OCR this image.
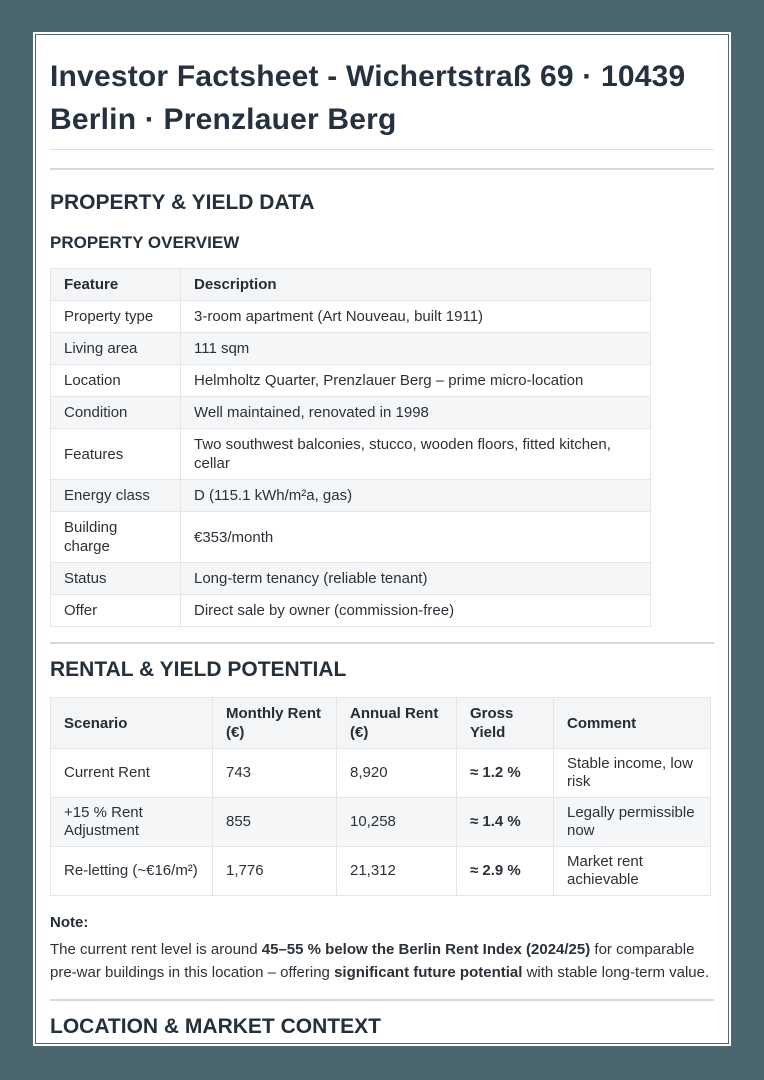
Investor Factsheet - Wichertstraß 69 · 10439 Berlin · Prenzlauer Berg
PROPERTY & YIELD DATA
PROPERTY OVERVIEW
Feature	Description
Property type	3-room apartment (Art Nouveau, built 1911)
Living area	111 sqm
Location	Helmholtz Quarter, Prenzlauer Berg – prime micro-location
Condition	Well maintained, renovated in 1998
Features	Two southwest balconies, stucco, wooden floors, fitted kitchen, cellar
Energy class	D (115.1 kWh/m²a, gas)
Building charge	€353/month
Status	Long-term tenancy (reliable tenant)
Offer	Direct sale by owner (commission-free)
RENTAL & YIELD POTENTIAL
Scenario	Monthly Rent (€)	Annual Rent (€)	Gross Yield	Comment
Current Rent	743	8,920	≈ 1.2 %	Stable income, low risk
+15 % Rent Adjustment	855	10,258	≈ 1.4 %	Legally permissible now
Re-letting (~€16/m²)	1,776	21,312	≈ 2.9 %	Market rent achievable

Note:

The current rent level is around 45–55 % below the Berlin Rent Index (2024/25) for comparable pre-war buildings in this location – offering significant future potential with stable long-term value.

LOCATION & MARKET CONTEXT
